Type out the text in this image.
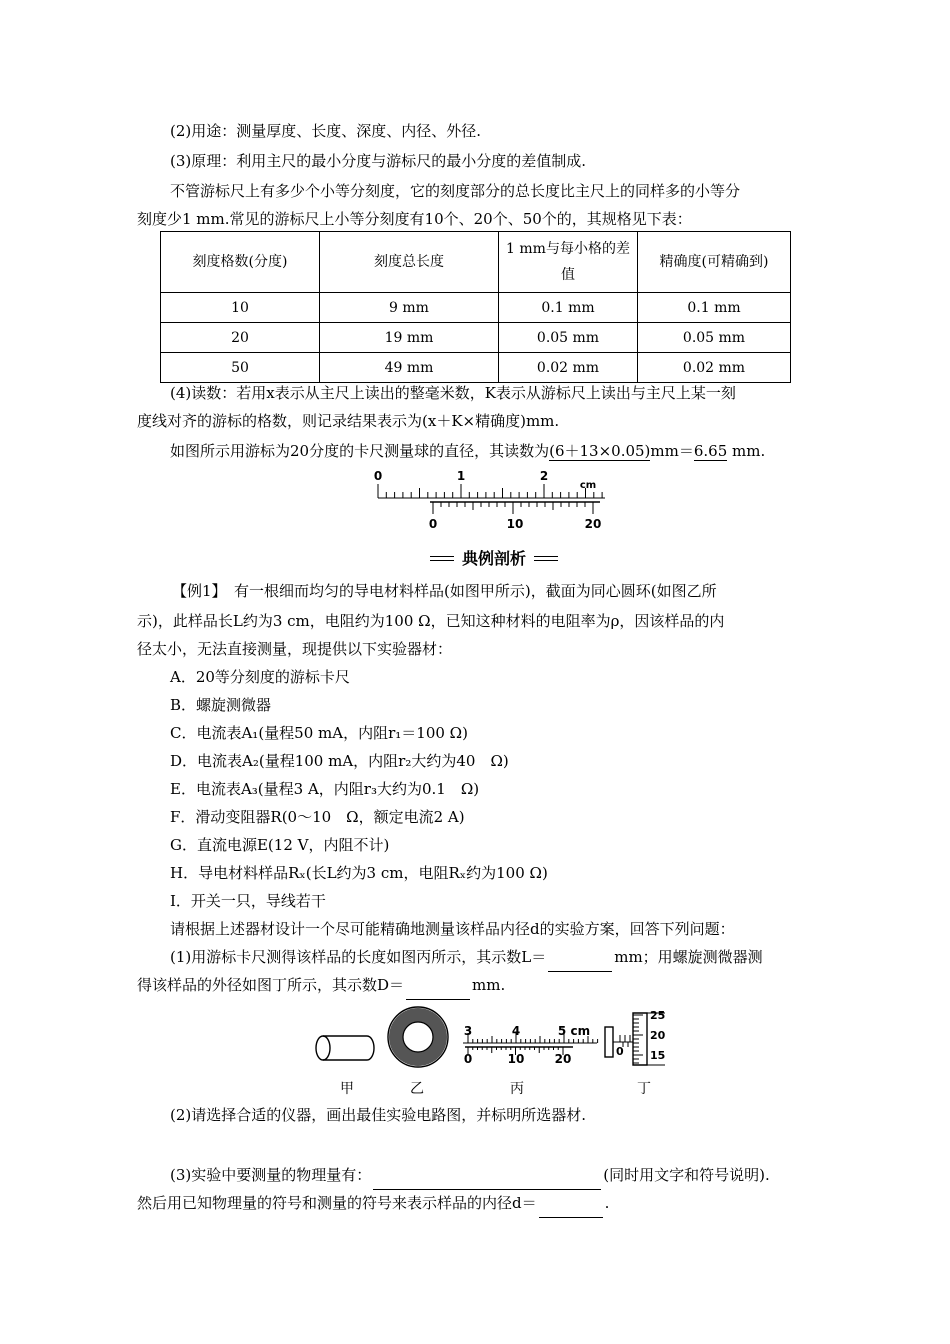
(2)用途：测量厚度、长度、深度、内径、外径.
(3)原理：利用主尺的最小分度与游标尺的最小分度的差值制成.
不管游标尺上有多少个小等分刻度，它的刻度部分的总长度比主尺上的同样多的小等分
刻度少1 mm.常见的游标尺上小等分刻度有10个、20个、50个的，其规格见下表：
刻度格数(分度)	刻度总长度	1 mm与每小格的差值	精确度(可精确到)
10	9 mm	0.1 mm	0.1 mm
20	19 mm	0.05 mm	0.05 mm
50	49 mm	0.02 mm	0.02 mm
(4)读数：若用x表示从主尺上读出的整毫米数，K表示从游标尺上读出与主尺上某一刻
度线对齐的游标的格数，则记录结果表示为(x＋K×精确度)mm.
如图所示用游标为20分度的卡尺测量球的直径，其读数为(6＋13×0.05)mm＝6.65 mm.
0	1	2
cm
0	10	20
典例剖析
【例1】　有一根细而均匀的导电材料样品(如图甲所示)，截面为同心圆环(如图乙所
示)，此样品长L约为3 cm，电阻约为100 Ω，已知这种材料的电阻率为ρ，因该样品的内
径太小，无法直接测量，现提供以下实验器材：
A．20等分刻度的游标卡尺
B．螺旋测微器
C．电流表A₁(量程50 mA，内阻r₁＝100 Ω)
D．电流表A₂(量程100 mA，内阻r₂大约为40　Ω)
E．电流表A₃(量程3 A，内阻r₃大约为0.1　Ω)
F．滑动变阻器R(0～10　Ω，额定电流2 A)
G．直流电源E(12 V，内阻不计)
H．导电材料样品Rₓ(长L约为3 cm，电阻Rₓ约为100 Ω)
I．开关一只，导线若干
请根据上述器材设计一个尽可能精确地测量该样品内径d的实验方案，回答下列问题：
(1)用游标卡尺测得该样品的长度如图丙所示，其示数L＝	mm；用螺旋测微器测
得该样品的外径如图丁所示，其示数D＝	mm.
3	4	5 cm
0	10	20
25
20
15
0
甲	乙	丙	丁
(2)请选择合适的仪器，画出最佳实验电路图，并标明所选器材.
(3)实验中要测量的物理量有：	(同时用文字和符号说明).
然后用已知物理量的符号和测量的符号来表示样品的内径d＝	.
